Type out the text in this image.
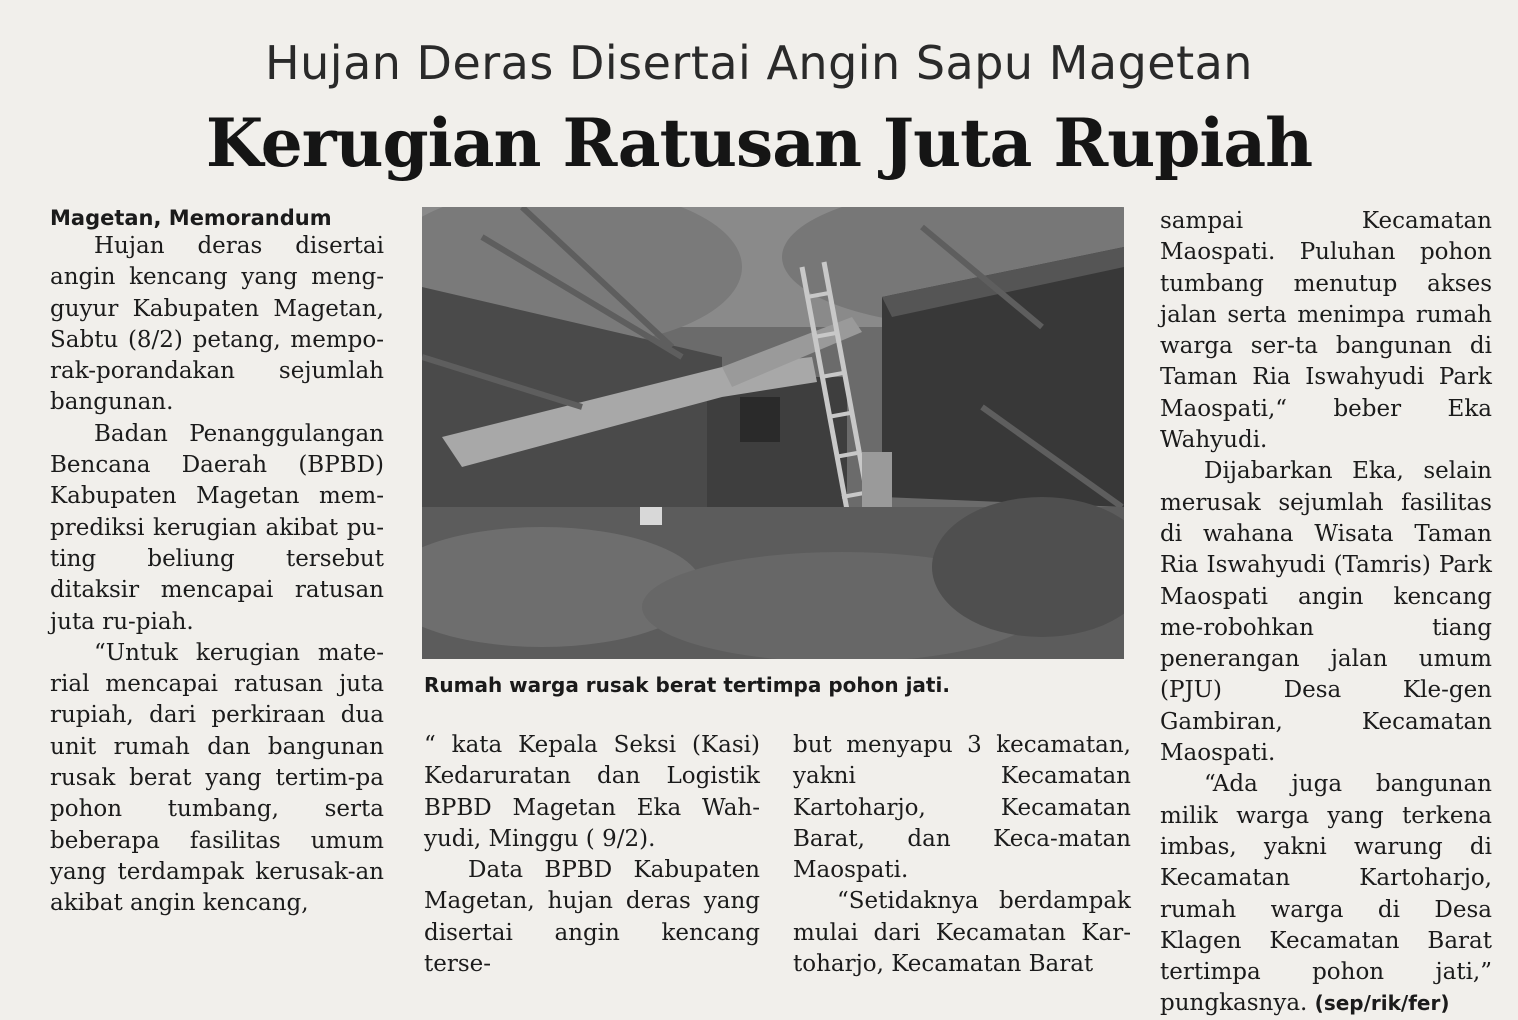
Hujan Deras Disertai Angin Sapu Magetan
Kerugian Ratusan Juta Rupiah

Magetan, Memorandum

Hujan deras disertai angin kencang yang meng-guyur Kabupaten Magetan, Sabtu (8/2) petang, mempo-rak-porandakan sejumlah bangunan.

Badan Penanggulangan Bencana Daerah (BPBD) Kabupaten Magetan mem-prediksi kerugian akibat pu-ting beliung tersebut ditaksir mencapai ratusan juta ru-piah.

“Untuk kerugian mate-rial mencapai ratusan juta rupiah, dari perkiraan dua unit rumah dan bangunan rusak berat yang tertim-pa pohon tumbang, serta beberapa fasilitas umum yang terdampak kerusak-an akibat angin kencang,

Rumah warga rusak berat tertimpa pohon jati.

“ kata Kepala Seksi (Kasi) Kedaruratan dan Logistik BPBD Magetan Eka Wah-yudi, Minggu ( 9/2).

Data BPBD Kabupaten Magetan, hujan deras yang disertai angin kencang terse-

but menyapu 3 kecamatan, yakni Kecamatan Kartoharjo, Kecamatan Barat, dan Keca-matan Maospati.

“Setidaknya berdampak mulai dari Kecamatan Kar-toharjo, Kecamatan Barat

sampai Kecamatan Maospati. Puluhan pohon tumbang menutup akses jalan serta menimpa rumah warga ser-ta bangunan di Taman Ria Iswahyudi Park Maospati,“ beber Eka Wahyudi.

Dijabarkan Eka, selain merusak sejumlah fasilitas di wahana Wisata Taman Ria Iswahyudi (Tamris) Park Maospati angin kencang me-robohkan tiang penerangan jalan umum (PJU) Desa Kle-gen Gambiran, Kecamatan Maospati.

“Ada juga bangunan milik warga yang terkena imbas, yakni warung di Kecamatan Kartoharjo, rumah warga di Desa Klagen Kecamatan Barat tertimpa pohon jati,” pungkasnya. (sep/rik/fer)
